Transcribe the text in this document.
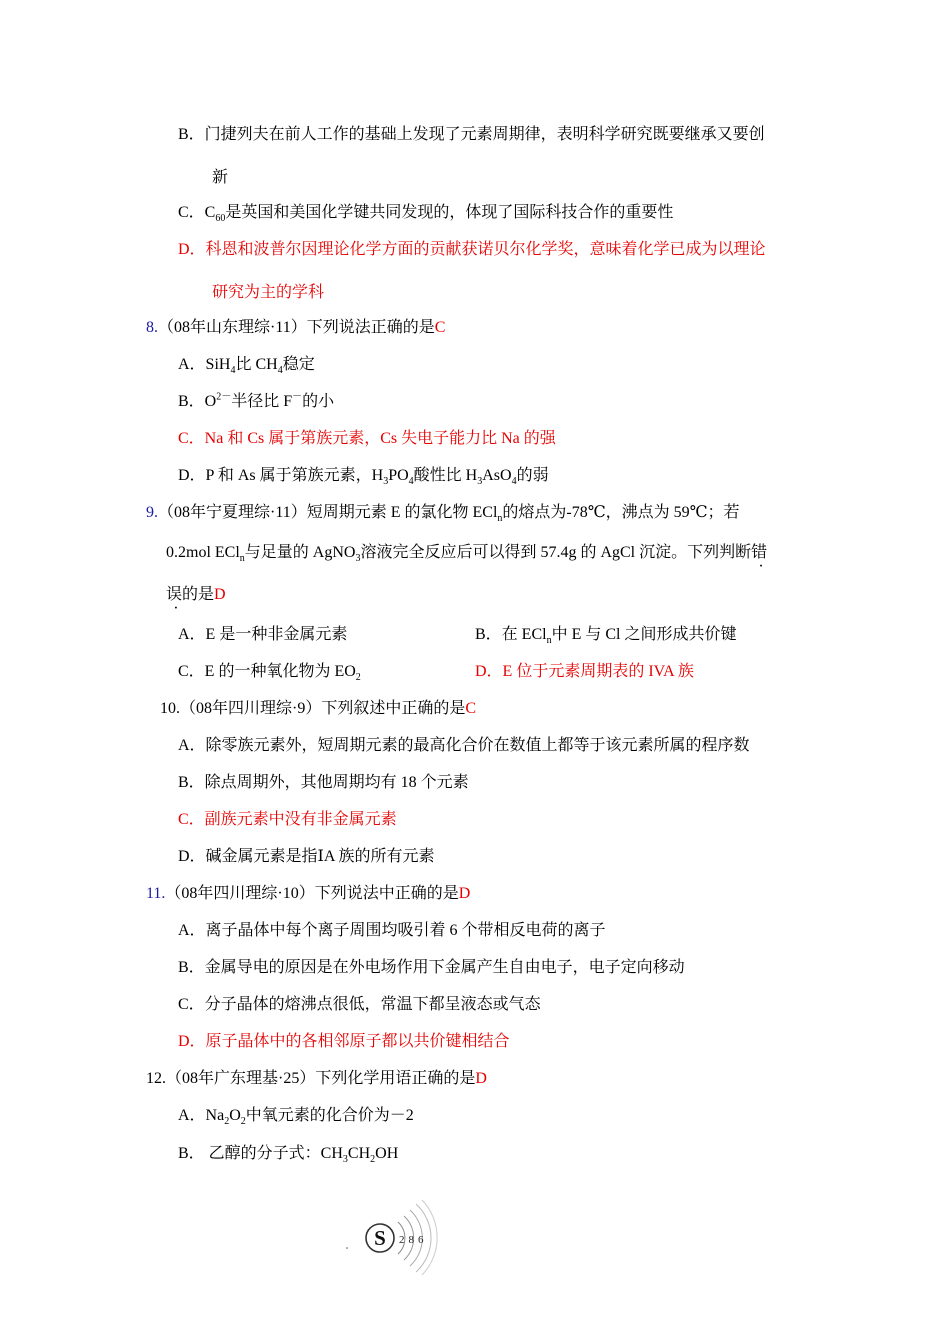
B．门捷列夫在前人工作的基础上发现了元素周期律，表明科学研究既要继承又要创
新
C．$C_{60}$是英国和美国化学键共同发现的，体现了国际科技合作的重要性
D．科恩和波普尔因理论化学方面的贡献获诺贝尔化学奖，意味着化学已成为以理论
研究为主的学科
8.（08年山东理综·11）下列说法正确的是C
A．SiH$_4$比 $CH_4$稳定
B．$O^{2-}$半径比 F－的小
C．Na 和 Cs 属于第族元素，Cs 失电子能力比 Na 的强
D．P 和 As 属于第族元素，$H_3PO_4$酸性比 $H_3AsO_4$的弱
9.（08年宁夏理综·11）短周期元素 E 的氯化物 ECl$_n$的熔点为-78℃，沸点为 59℃；若
0.2mol ECl$_n$与足量的 AgNO$_3$溶液完全反应后可以得到 57.4g 的 AgCl 沉淀。下列判断错
误的是D
A．E 是一种非金属元素	B．在 ECl$_n$中 E 与 Cl 之间形成共价键
C．E 的一种氧化物为 $EO_2$	D．E 位于元素周期表的 IVA 族
10.（08年四川理综·9）下列叙述中正确的是C
A．除零族元素外，短周期元素的最高化合价在数值上都等于该元素所属的程序数
B．除点周期外，其他周期均有 18 个元素
C．副族元素中没有非金属元素
D．碱金属元素是指ⅠA 族的所有元素
11.（08年四川理综·10）下列说法中正确的是D
A．离子晶体中每个离子周围均吸引着 6 个带相反电荷的离子
B．金属导电的原因是在外电场作用下金属产生自由电子，电子定向移动
C．分子晶体的熔沸点很低，常温下都呈液态或气态
D．原子晶体中的各相邻原子都以共价键相结合
12.（08年广东理基·25）下列化学用语正确的是D
A．$Na_2O_2$中氧元素的化合价为－2
B． 乙醇的分子式：$CH_3CH_2OH$
S 286
